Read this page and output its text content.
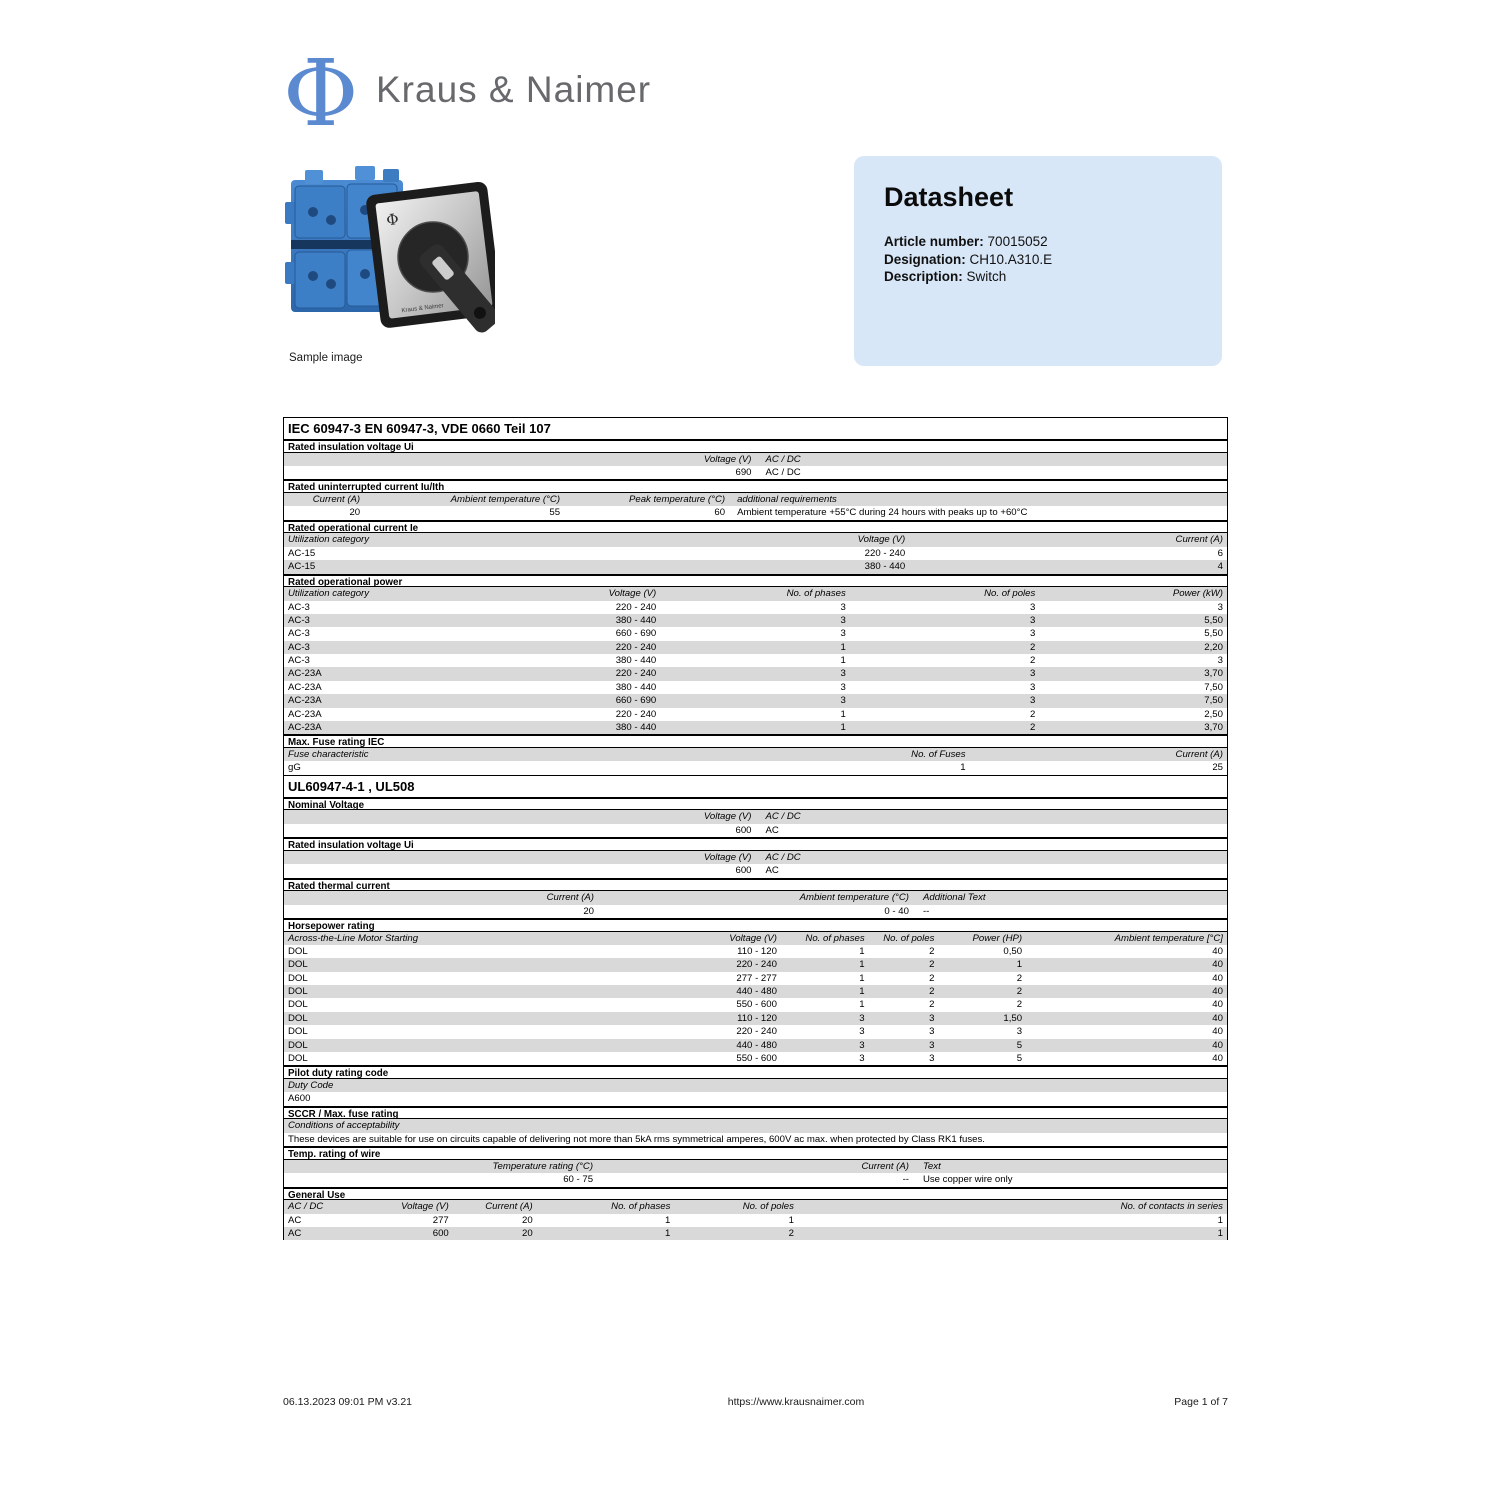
Φ Kraus & Naimer
Φ
Kraus & Naimer
Sample image
Datasheet
Article number: 70015052
Designation: CH10.A310.E
Description: Switch
IEC 60947-3 EN 60947-3, VDE 0660 Teil 107
Rated insulation voltage Ui
Voltage (V)	AC / DC
690	AC / DC
Rated uninterrupted current Iu/Ith
Current (A)	Ambient temperature (°C)	Peak temperature (°C)	additional requirements
20	55	60	Ambient temperature +55°C during 24 hours with peaks up to +60°C
Rated operational current Ie
Utilization category	Voltage (V)	Current (A)
AC-15	220 - 240	6
AC-15	380 - 440	4
Rated operational power
Utilization category	Voltage (V)	No. of phases	No. of poles	Power (kW)
AC-3	220 - 240	3	3	3
AC-3	380 - 440	3	3	5,50
AC-3	660 - 690	3	3	5,50
AC-3	220 - 240	1	2	2,20
AC-3	380 - 440	1	2	3
AC-23A	220 - 240	3	3	3,70
AC-23A	380 - 440	3	3	7,50
AC-23A	660 - 690	3	3	7,50
AC-23A	220 - 240	1	2	2,50
AC-23A	380 - 440	1	2	3,70
Max. Fuse rating IEC
Fuse characteristic	No. of Fuses	Current (A)
gG	1	25
UL60947-4-1 , UL508
Nominal Voltage
Voltage (V)	AC / DC
600	AC
Rated insulation voltage Ui
Voltage (V)	AC / DC
600	AC
Rated thermal current
Current (A)	Ambient temperature (°C)	Additional Text
20	0 - 40	--
Horsepower rating
Across-the-Line Motor Starting	Voltage (V)	No. of phases	No. of poles	Power (HP)	Ambient temperature [°C]
DOL	110 - 120	1	2	0,50	40
DOL	220 - 240	1	2	1	40
DOL	277 - 277	1	2	2	40
DOL	440 - 480	1	2	2	40
DOL	550 - 600	1	2	2	40
DOL	110 - 120	3	3	1,50	40
DOL	220 - 240	3	3	3	40
DOL	440 - 480	3	3	5	40
DOL	550 - 600	3	3	5	40
Pilot duty rating code
Duty Code
A600
SCCR / Max. fuse rating
Conditions of acceptability
These devices are suitable for use on circuits capable of delivering not more than 5kA rms symmetrical amperes, 600V ac max. when protected by Class RK1 fuses.
Temp. rating of wire
Temperature rating (°C)	Current (A)	Text
60 - 75	--	Use copper wire only
General Use
AC / DC	Voltage (V)	Current (A)	No. of phases	No. of poles	No. of contacts in series
AC	277	20	1	1	1
AC	600	20	1	2	1
06.13.2023 09:01 PM v3.21	https://www.krausnaimer.com	Page 1 of 7
